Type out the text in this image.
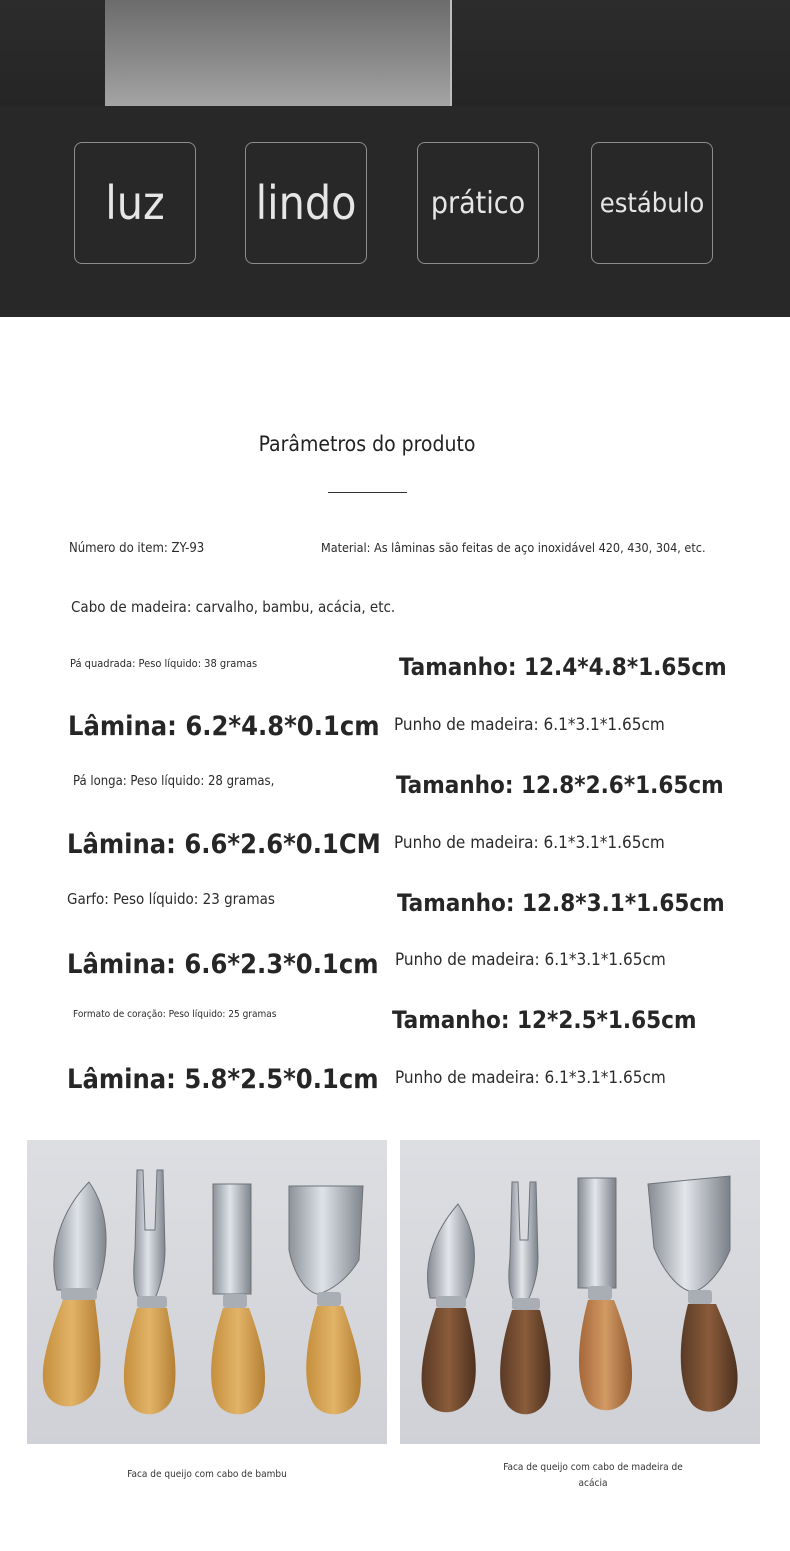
luz lindo prático	estábulo
Parâmetros do produto
Número do item: ZY-93	Material: As lâminas são feitas de aço inoxidável 420, 430, 304, etc.
Cabo de madeira: carvalho, bambu, acácia, etc.
Pá quadrada: Peso líquido: 38 gramas	Tamanho: 12.4*4.8*1.65cm
Lâmina: 6.2*4.8*0.1cm Punho de madeira: 6.1*3.1*1.65cm
Pá longa: Peso líquido: 28 gramas,	Tamanho: 12.8*2.6*1.65cm
Lâmina: 6.6*2.6*0.1CM Punho de madeira: 6.1*3.1*1.65cm
Garfo: Peso líquido: 23 gramas	Tamanho: 12.8*3.1*1.65cm
Lâmina: 6.6*2.3*0.1cm Punho de madeira: 6.1*3.1*1.65cm
Formato de coração: Peso líquido: 25 gramas	Tamanho: 12*2.5*1.65cm
Lâmina: 5.8*2.5*0.1cm Punho de madeira: 6.1*3.1*1.65cm
Faca de queijo com cabo de bambu
Faca de queijo com cabo de madeira de acácia
